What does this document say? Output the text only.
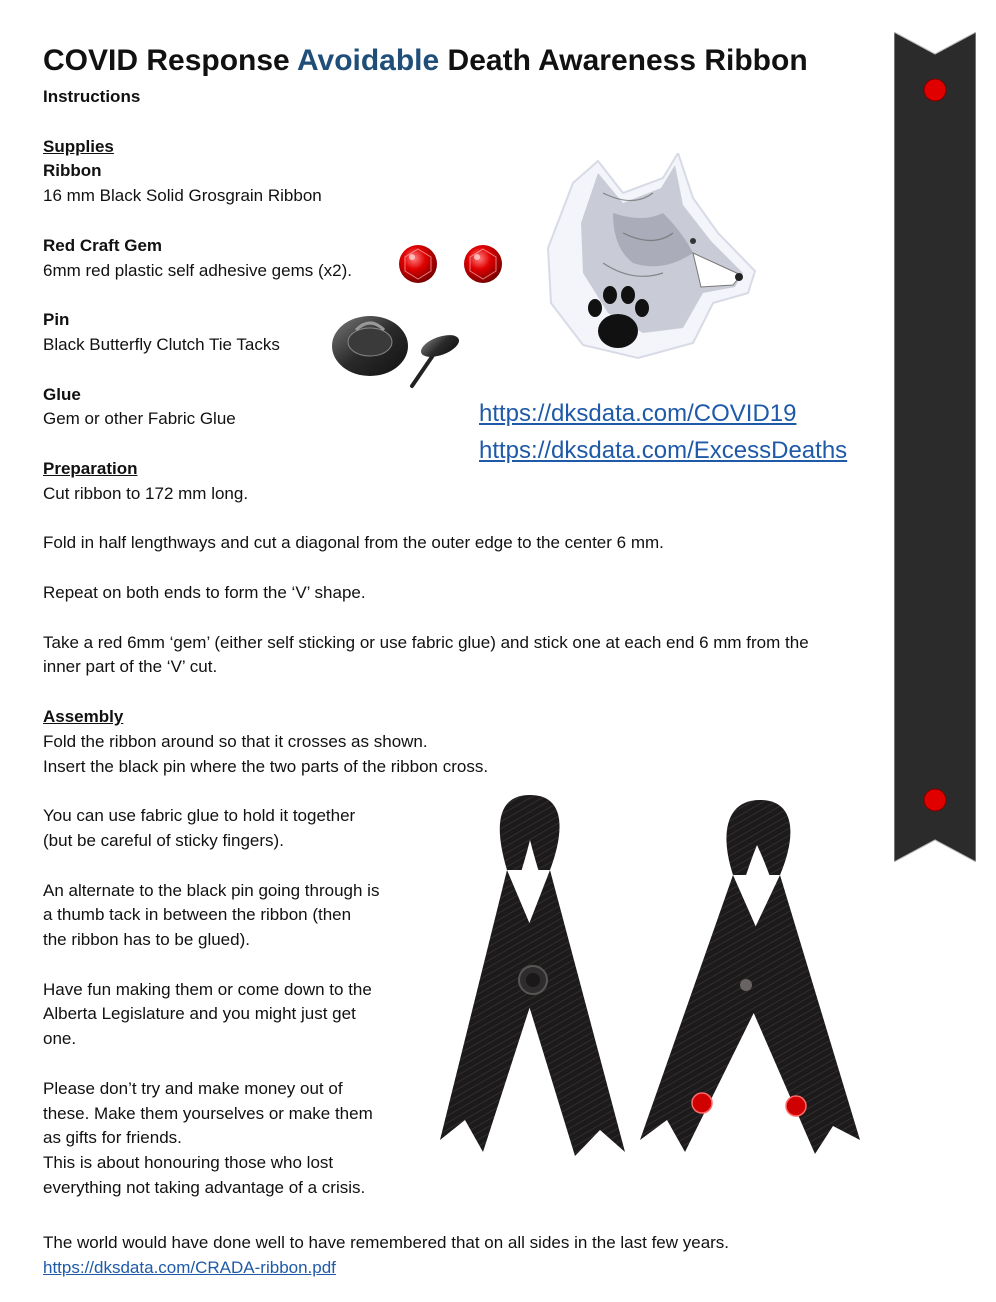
COVID Response Avoidable Death Awareness Ribbon

Instructions

Supplies

Ribbon

16 mm Black Solid Grosgrain Ribbon

Red Craft Gem

6mm red plastic self adhesive gems (x2).

Pin

Black Butterfly Clutch Tie Tacks

Glue

Gem or other Fabric Glue

Preparation

Cut ribbon to 172 mm long.

Fold in half lengthways and cut a diagonal from the outer edge to the center 6 mm.

Repeat on both ends to form the ‘V’ shape.

Take a red 6mm ‘gem’ (either self sticking or use fabric glue) and stick one at each end 6 mm from the

inner part of the ‘V’ cut.

Assembly

Fold the ribbon around so that it crosses as shown.

Insert the black pin where the two parts of the ribbon cross.

You can use fabric glue to hold it together

(but be careful of sticky fingers).

An alternate to the black pin going through is

a thumb tack in between the ribbon (then

the ribbon has to be glued).

Have fun making them or come down to the

Alberta Legislature and you might just get

one.

Please don’t try and make money out of

these. Make them yourselves or make them

as gifts for friends.

This is about honouring those who lost

everything not taking advantage of a crisis.

The world would have done well to have remembered that on all sides in the last few years.

https://dksdata.com/CRADA-ribbon.pdf

https://dksdata.com/COVID19
https://dksdata.com/ExcessDeaths
